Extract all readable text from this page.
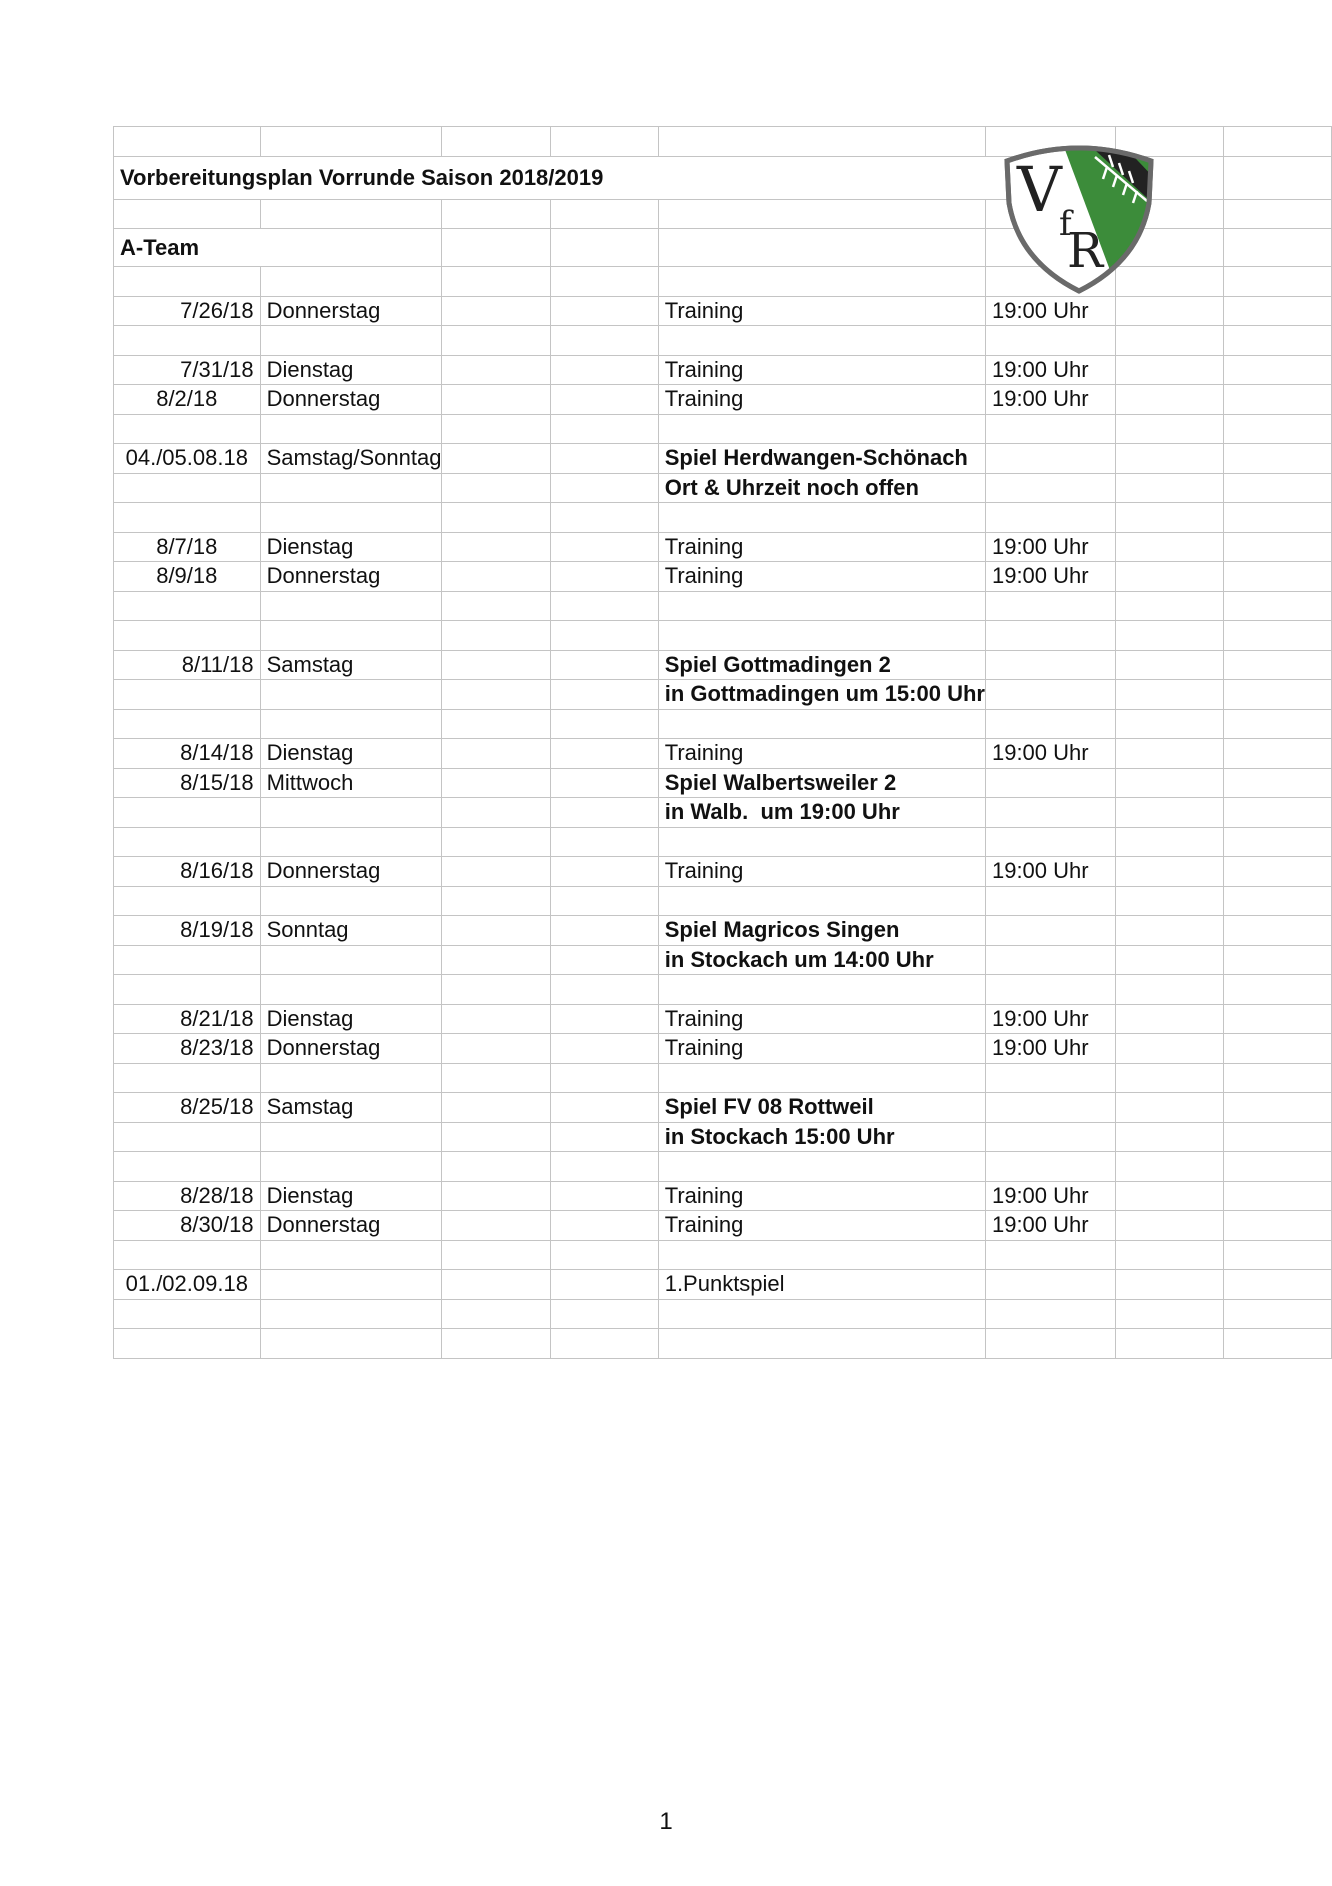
Vorbereitungsplan Vorrunde Saison 2018/2019							

A-Team							

7/26/18	Donnerstag			Training	19:00 Uhr		

7/31/18	Dienstag			Training	19:00 Uhr		
8/2/18	Donnerstag			Training	19:00 Uhr		

04./05.08.18	Samstag/Sonntag			Spiel Herdwangen-Schönach			
				Ort & Uhrzeit noch offen			

8/7/18	Dienstag			Training	19:00 Uhr		
8/9/18	Donnerstag			Training	19:00 Uhr		

8/11/18	Samstag			Spiel Gottmadingen 2			
				in Gottmadingen um 15:00 Uhr			

8/14/18	Dienstag			Training	19:00 Uhr		
8/15/18	Mittwoch			Spiel Walbertsweiler 2			
				in Walb.  um 19:00 Uhr			

8/16/18	Donnerstag			Training	19:00 Uhr		

8/19/18	Sonntag			Spiel Magricos Singen			
				in Stockach um 14:00 Uhr			

8/21/18	Dienstag			Training	19:00 Uhr		
8/23/18	Donnerstag			Training	19:00 Uhr		

8/25/18	Samstag			Spiel FV 08 Rottweil			
				in Stockach 15:00 Uhr			

8/28/18	Dienstag			Training	19:00 Uhr		
8/30/18	Donnerstag			Training	19:00 Uhr		

01./02.09.18				1.Punktspiel			

V
f
R
1
